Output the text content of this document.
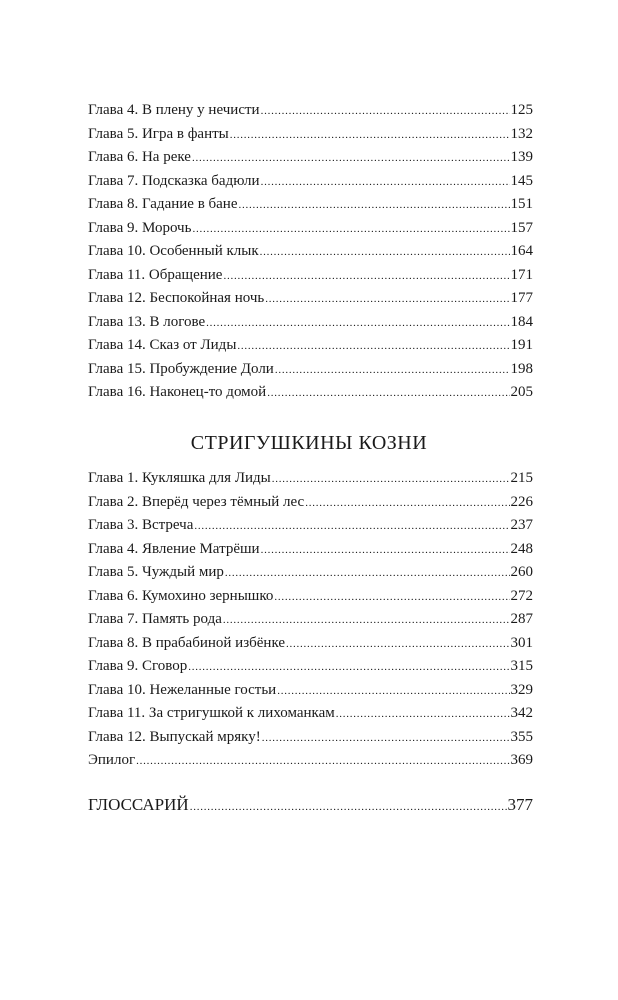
Глава 4. В плену у нечисти . . .	125
Глава 5. Игра в фанты . . .	132
Глава 6. На реке . . .	139
Глава 7. Подсказка бадюли . . .	145
Глава 8. Гадание в бане . . .	151
Глава 9. Морочь . . .	157
Глава 10. Особенный клык . . .	164
Глава 11. Обращение . . .	171
Глава 12. Беспокойная ночь . . .	177
Глава 13. В логове . . .	184
Глава 14. Сказ от Лиды . . .	191
Глава 15. Пробуждение Доли . . .	198
Глава 16. Наконец-то домой . . .	205
СТРИГУШКИНЫ КОЗНИ
Глава 1. Кукляшка для Лиды . . .	215
Глава 2. Вперёд через тёмный лес . . .	226
Глава 3. Встреча . . .	237
Глава 4. Явление Матрёши . . .	248
Глава 5. Чуждый мир . . .	260
Глава 6. Кумохино зернышко . . .	272
Глава 7. Память рода . . .	287
Глава 8. В прабабиной избёнке . . .	301
Глава 9. Сговор . . .	315
Глава 10. Нежеланные гостьи . . .	329
Глава 11. За стригушкой к лихоманкам . . .	342
Глава 12. Выпускай мряку! . . .	355
Эпилог . . .	369
ГЛОССАРИЙ . . .	377
